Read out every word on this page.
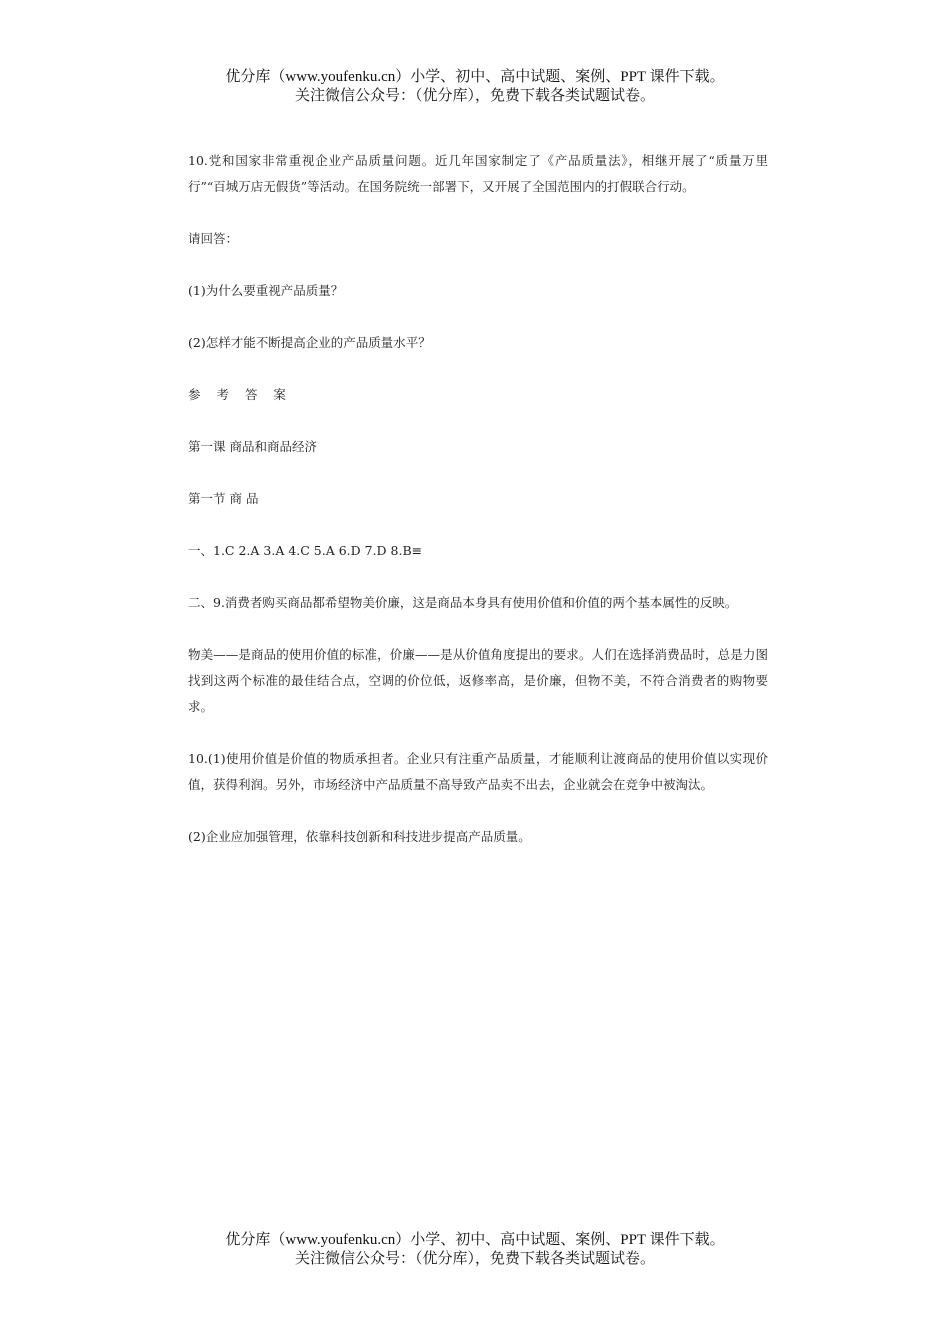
优分库（www.youfenku.cn）小学、初中、高中试题、案例、PPT 课件下载。
关注微信公众号：（优分库），免费下载各类试题试卷。

10.党和国家非常重视企业产品质量问题。近几年国家制定了《产品质量法》，相继开展了“质量万里行”“百城万店无假货”等活动。在国务院统一部署下，又开展了全国范围内的打假联合行动。

请回答：

(1)为什么要重视产品质量？

(2)怎样才能不断提高企业的产品质量水平？

参 考 答 案

第一课 商品和商品经济

第一节 商 品

一、1.C 2.A 3.A 4.C 5.A 6.D 7.D 8.B≡

二、9.消费者购买商品都希望物美价廉，这是商品本身具有使用价值和价值的两个基本属性的反映。

物美——是商品的使用价值的标准，价廉——是从价值角度提出的要求。人们在选择消费品时，总是力图找到这两个标准的最佳结合点，空调的价位低，返修率高，是价廉，但物不美，不符合消费者的购物要求。

10.(1)使用价值是价值的物质承担者。企业只有注重产品质量，才能顺利让渡商品的使用价值以实现价值，获得利润。另外，市场经济中产品质量不高导致产品卖不出去，企业就会在竞争中被淘汰。

(2)企业应加强管理，依靠科技创新和科技进步提高产品质量。

优分库（www.youfenku.cn）小学、初中、高中试题、案例、PPT 课件下载。
关注微信公众号：（优分库），免费下载各类试题试卷。
